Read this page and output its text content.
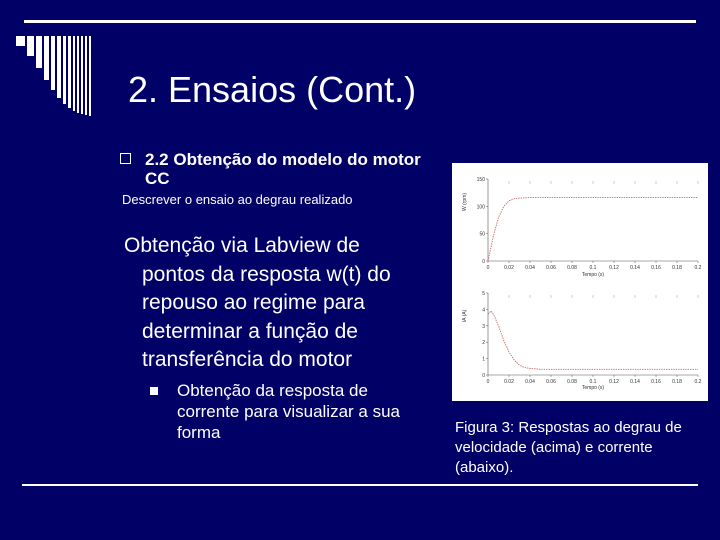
2. Ensaios (Cont.)
2.2 Obtenção do modelo do motor CC
Descrever o ensaio ao degrau realizado
Obtenção via Labview de
pontos da resposta w(t) do
repouso ao regime para
determinar a função de
transferência do motor
Obtenção da resposta de corrente para visualizar a sua forma
0	0.02 0.04 0.06 0.08	0.1	0.12 0.14 0.16 0.18	0.2
0
50
100
150
Tempo (s)
W (rpm)
0	0.02 0.04 0.06 0.08	0.1	0.12 0.14 0.16 0.18	0.2
0
1
2
3
4
5
Tempo (s)
IA (A)
Figura 3: Respostas ao degrau de velocidade (acima) e corrente (abaixo).
